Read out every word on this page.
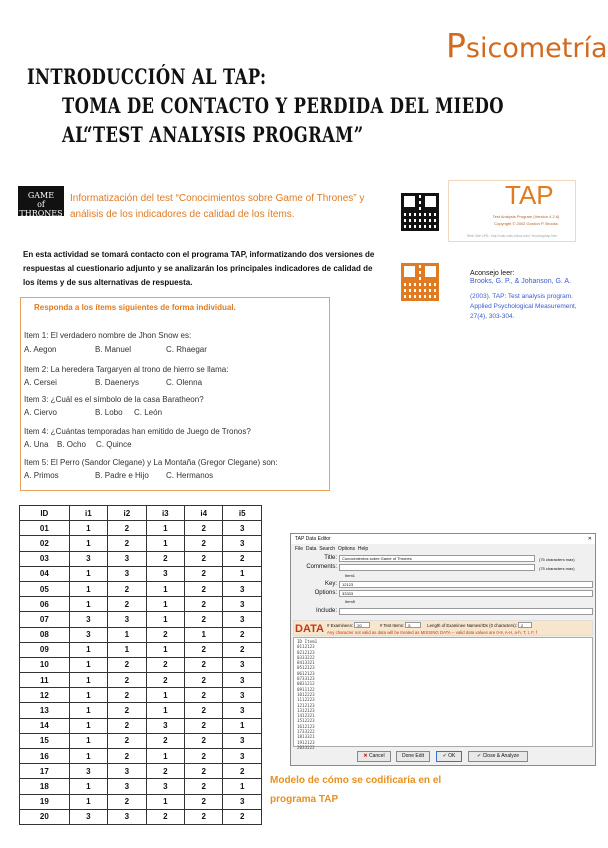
Psicometría
INTRODUCCIÓN AL TAP:
TOMA DE CONTACTO Y PERDIDA DEL MIEDO
AL“TEST ANALYSIS PROGRAM”
GAME
of
THRONES
Informatización del test “Conocimientos sobre Game of Thrones” y análisis de los indicadores de calidad de los ítems.
TAP
Test Analysis Program (Version 4.2.6)
Copyright © 2002 Gordon P. Brooks
Web Site URL: http://oak.cats.ohiou.edu/~brooksg/tap.htm
Aconsejo leer:
Brooks, G. P., & Johanson, G. A.
(2003). TAP: Test analysis program. Applied Psychological Measurement, 27(4), 303-304.
En esta actividad se tomará contacto con el programa TAP, informatizando dos versiones de respuestas al cuestionario adjunto y se analizarán los principales indicadores de calidad de los ítems y de sus alternativas de respuesta.
Responda a los ítems siguientes de forma individual.
Item 1: El verdadero nombre de Jhon Snow es:
A. Aegon	B. Manuel	C. Rhaegar
Item 2: La heredera Targaryen al trono de hierro se llama:
A. Cersei	B. Daenerys	C. Olenna
Item 3: ¿Cuál es el símbolo de la casa Baratheon?
A. Ciervo	B. Lobo C. León
Item 4: ¿Cuántas temporadas han emitido de Juego de Tronos?
A. Una B. Ocho C. Quince
Item 5: El Perro (Sandor Clegane) y La Montaña (Gregor Clegane) son:
A. Primos	B. Padre e Hijo C. Hermanos
ID	i1	i2	i3	i4	i5
01	1	2	1	2	3
02	1	2	1	2	3
03	3	3	2	2	2
04	1	3	3	2	1
05	1	2	1	2	3
06	1	2	1	2	3
07	3	3	1	2	3
08	3	1	2	1	2
09	1	1	1	2	2
10	1	2	2	2	3
11	1	2	2	2	3
12	1	2	1	2	3
13	1	2	1	2	3
14	1	2	3	2	1
15	1	2	2	2	3
16	1	2	1	2	3
17	3	3	2	2	2
18	1	3	3	2	1
19	1	2	1	2	3
20	3	3	2	2	2
TAP Data Editor	✕
File Data Search Options Help
Title:	Conocimientos sobre Game of Thrones	(75 characters max)
Comments:	(75 characters max)
Item1
Key:	12123
Options:	33333
Item5
Include:
DATA # Examinees: 20	# Test Items: 5	Length of Examinee Names/IDs (0 characters): 2
Any character not valid as data will be treated as MISSING DATA -- valid data values are 0-9, A-H, a-h, T, t, F, f
ID Item1
0112123
0212123
0333222
0413321
0512123
0612123
0733123
0831212
0911122
1012223
1112223
1212123
1312123
1412321
1512223
1612123
1733222
1813321
1912123
2033222
✖ Cancel	Done Edit	✔ OK	✔ Close & Analyze
Modelo de cómo se codificaría en el programa TAP
